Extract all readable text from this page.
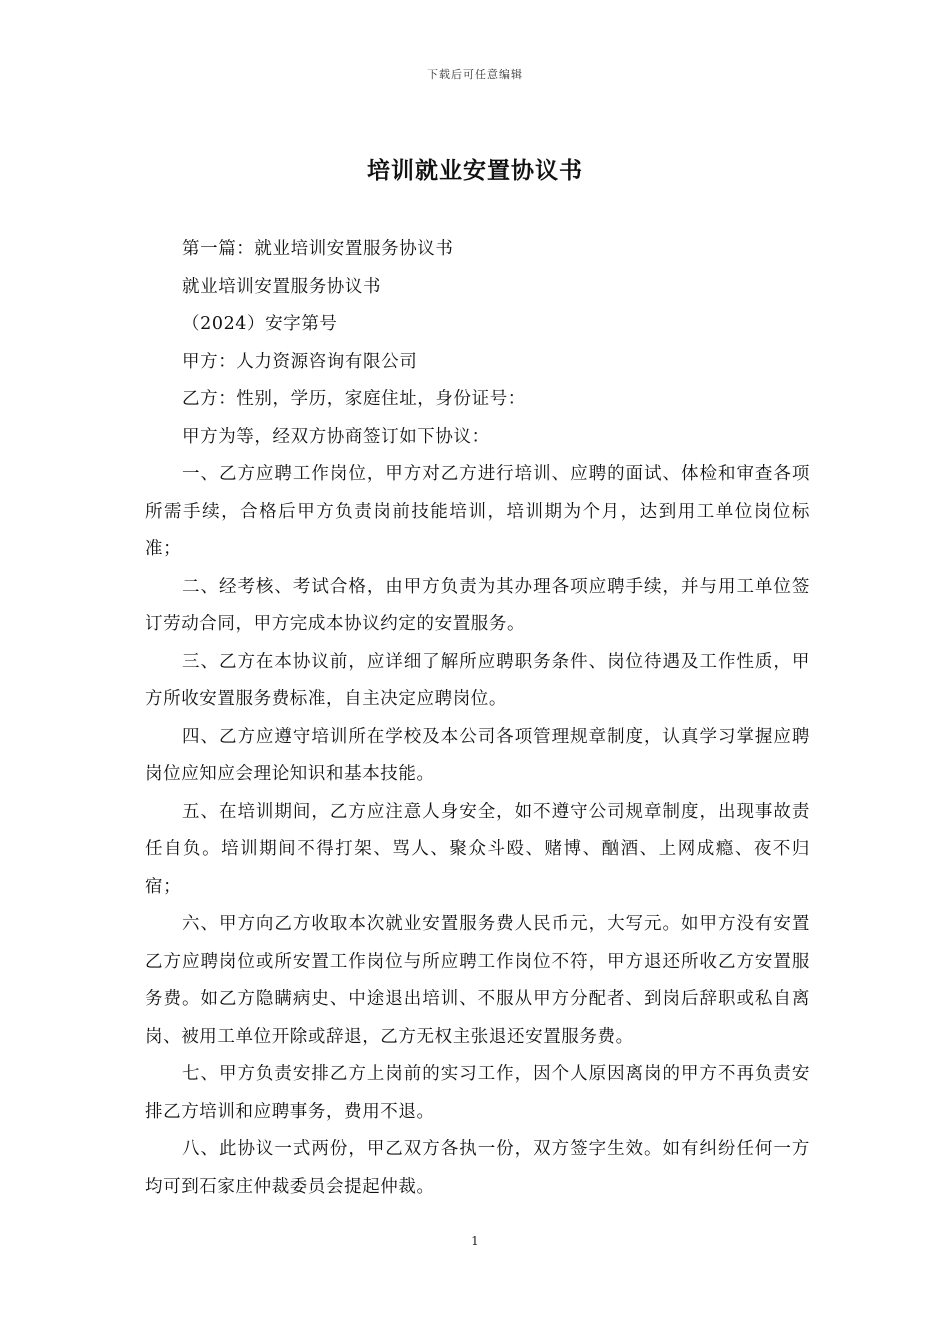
下载后可任意编辑
培训就业安置协议书

第一篇：就业培训安置服务协议书

就业培训安置服务协议书

（2024）安字第号

甲方：人力资源咨询有限公司

乙方：性别，学历，家庭住址，身份证号：

甲方为等，经双方协商签订如下协议：

一、乙方应聘工作岗位，甲方对乙方进行培训、应聘的面试、体检和审查各项所需手续，合格后甲方负责岗前技能培训，培训期为个月，达到用工单位岗位标准；

二、经考核、考试合格，由甲方负责为其办理各项应聘手续，并与用工单位签订劳动合同，甲方完成本协议约定的安置服务。

三、乙方在本协议前，应详细了解所应聘职务条件、岗位待遇及工作性质，甲方所收安置服务费标准，自主决定应聘岗位。

四、乙方应遵守培训所在学校及本公司各项管理规章制度，认真学习掌握应聘岗位应知应会理论知识和基本技能。

五、在培训期间，乙方应注意人身安全，如不遵守公司规章制度，出现事故责任自负。培训期间不得打架、骂人、聚众斗殴、赌博、酗酒、上网成瘾、夜不归宿；

六、甲方向乙方收取本次就业安置服务费人民币元，大写元。如甲方没有安置乙方应聘岗位或所安置工作岗位与所应聘工作岗位不符，甲方退还所收乙方安置服务费。如乙方隐瞒病史、中途退出培训、不服从甲方分配者、到岗后辞职或私自离岗、被用工单位开除或辞退，乙方无权主张退还安置服务费。

七、甲方负责安排乙方上岗前的实习工作，因个人原因离岗的甲方不再负责安排乙方培训和应聘事务，费用不退。

八、此协议一式两份，甲乙双方各执一份，双方签字生效。如有纠纷任何一方均可到石家庄仲裁委员会提起仲裁。

1
